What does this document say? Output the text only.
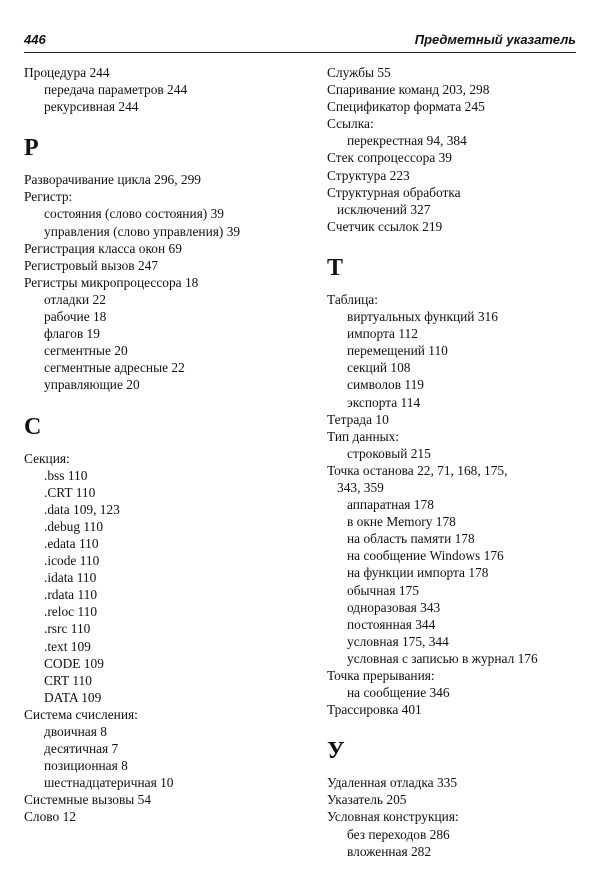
446	Предметный указатель
Процедура 244
передача параметров 244
рекурсивная 244
Р
Разворачивание цикла 296, 299
Регистр:
состояния (слово состояния) 39
управления (слово управления) 39
Регистрация класса окон 69
Регистровый вызов 247
Регистры микропроцессора 18
отладки 22
рабочие 18
флагов 19
сегментные 20
сегментные адресные 22
управляющие 20
С
Секция:
.bss 110
.CRT 110
.data 109, 123
.debug 110
.edata 110
.icode 110
.idata 110
.rdata 110
.reloc 110
.rsrc 110
.text 109
CODE 109
CRT 110
DATA 109
Система счисления:
двоичная 8
десятичная 7
позиционная 8
шестнадцатеричная 10
Системные вызовы 54
Слово 12
Службы 55
Спаривание команд 203, 298
Спецификатор формата 245
Ссылка:
перекрестная 94, 384
Стек сопроцессора 39
Структура 223
Структурная обработка
исключений 327
Счетчик ссылок 219
Т
Таблица:
виртуальных функций 316
импорта 112
перемещений 110
секций 108
символов 119
экспорта 114
Тетрада 10
Тип данных:
строковый 215
Точка останова 22, 71, 168, 175,
343, 359
аппаратная 178
в окне Memory 178
на область памяти 178
на сообщение Windows 176
на функции импорта 178
обычная 175
одноразовая 343
постоянная 344
условная 175, 344
условная с записью в журнал 176
Точка прерывания:
на сообщение 346
Трассировка 401
У
Удаленная отладка 335
Указатель 205
Условная конструкция:
без переходов 286
вложенная 282
